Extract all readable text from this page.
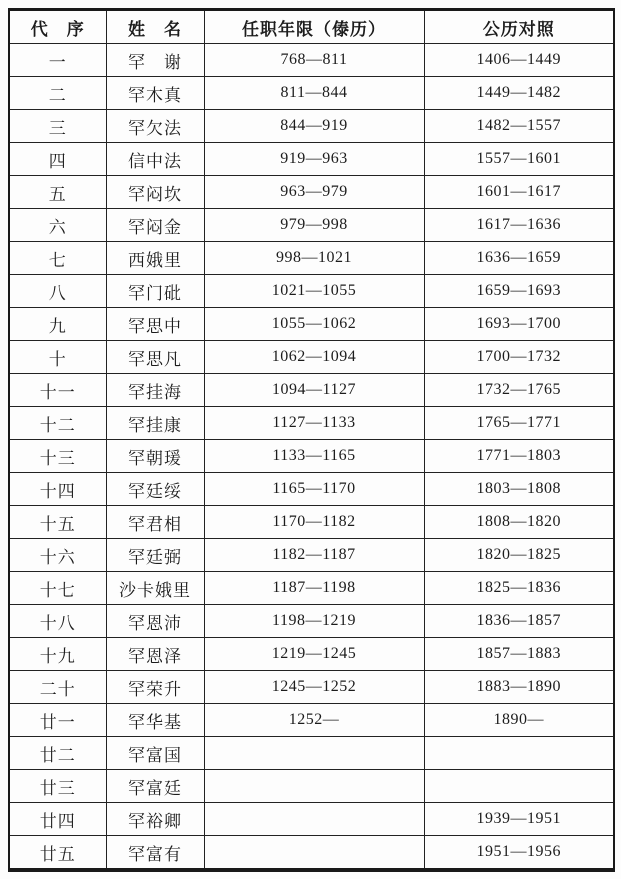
代　序	姓　名	任职年限（傣历）	公历对照
一	罕　谢	768—811	1406—1449
二	罕木真	811—844	1449—1482
三	罕欠法	844—919	1482—1557
四	信中法	919—963	1557—1601
五	罕闷坎	963—979	1601—1617
六	罕闷金	979—998	1617—1636
七	西娥里	998—1021	1636—1659
八	罕门砒	1021—1055	1659—1693
九	罕思中	1055—1062	1693—1700
十	罕思凡	1062—1094	1700—1732
十一	罕挂海	1094—1127	1732—1765
十二	罕挂康	1127—1133	1765—1771
十三	罕朝瑗	1133—1165	1771—1803
十四	罕廷绥	1165—1170	1803—1808
十五	罕君相	1170—1182	1808—1820
十六	罕廷弼	1182—1187	1820—1825
十七	沙卡娥里	1187—1198	1825—1836
十八	罕恩沛	1198—1219	1836—1857
十九	罕恩泽	1219—1245	1857—1883
二十	罕荣升	1245—1252	1883—1890
廿一	罕华基	1252—	1890—
廿二	罕富国		
廿三	罕富廷		
廿四	罕裕卿		1939—1951
廿五	罕富有		1951—1956
